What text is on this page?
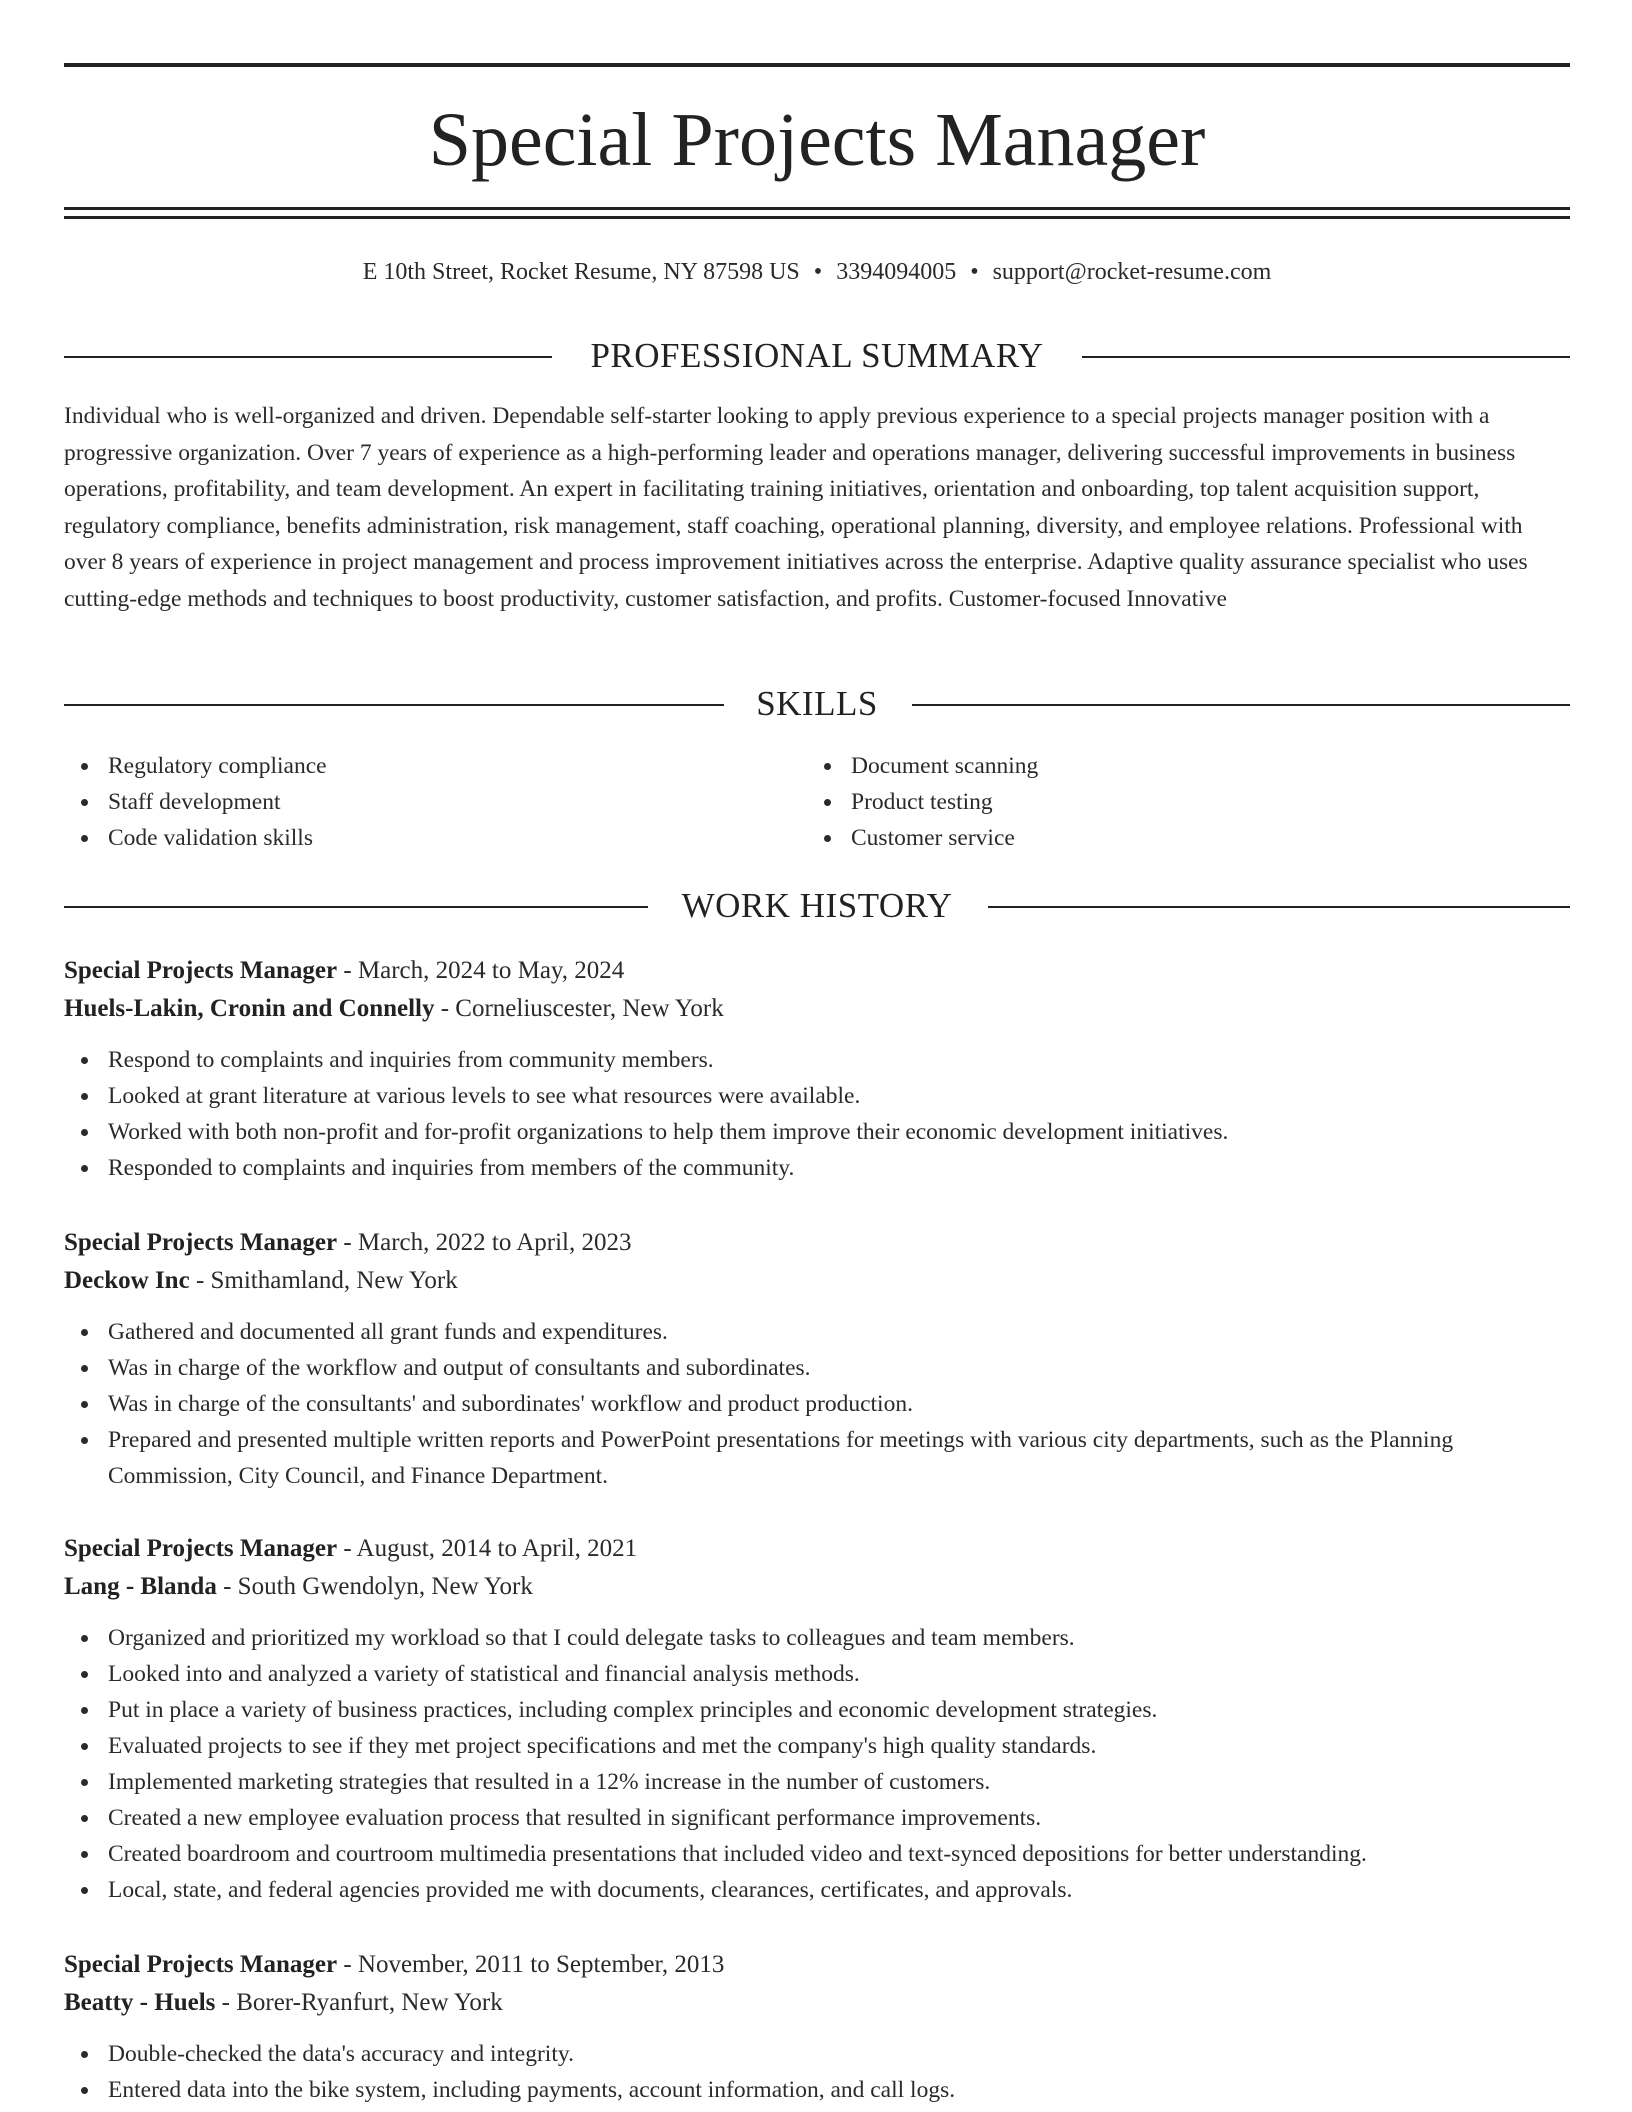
Special Projects Manager
E 10th Street, Rocket Resume, NY 87598 US • 3394094005 • support@rocket-resume.com
PROFESSIONAL SUMMARY

Individual who is well-organized and driven. Dependable self-starter looking to apply previous experience to a special projects manager position with a progressive organization. Over 7 years of experience as a high-performing leader and operations manager, delivering successful improvements in business operations, profitability, and team development. An expert in facilitating training initiatives, orientation and onboarding, top talent acquisition support, regulatory compliance, benefits administration, risk management, staff coaching, operational planning, diversity, and employee relations. Professional with over 8 years of experience in project management and process improvement initiatives across the enterprise. Adaptive quality assurance specialist who uses cutting-edge methods and techniques to boost productivity, customer satisfaction, and profits. Customer-focused Innovative

SKILLS
Regulatory compliance
Staff development
Code validation skills
Document scanning
Product testing
Customer service
WORK HISTORY
Special Projects Manager - March, 2024 to May, 2024
Huels-Lakin, Cronin and Connelly - Corneliuscester, New York
Respond to complaints and inquiries from community members.
Looked at grant literature at various levels to see what resources were available.
Worked with both non-profit and for-profit organizations to help them improve their economic development initiatives.
Responded to complaints and inquiries from members of the community.
Special Projects Manager - March, 2022 to April, 2023
Deckow Inc - Smithamland, New York
Gathered and documented all grant funds and expenditures.
Was in charge of the workflow and output of consultants and subordinates.
Was in charge of the consultants' and subordinates' workflow and product production.
Prepared and presented multiple written reports and PowerPoint presentations for meetings with various city departments, such as the Planning Commission, City Council, and Finance Department.
Special Projects Manager - August, 2014 to April, 2021
Lang - Blanda - South Gwendolyn, New York
Organized and prioritized my workload so that I could delegate tasks to colleagues and team members.
Looked into and analyzed a variety of statistical and financial analysis methods.
Put in place a variety of business practices, including complex principles and economic development strategies.
Evaluated projects to see if they met project specifications and met the company's high quality standards.
Implemented marketing strategies that resulted in a 12% increase in the number of customers.
Created a new employee evaluation process that resulted in significant performance improvements.
Created boardroom and courtroom multimedia presentations that included video and text-synced depositions for better understanding.
Local, state, and federal agencies provided me with documents, clearances, certificates, and approvals.
Special Projects Manager - November, 2011 to September, 2013
Beatty - Huels - Borer-Ryanfurt, New York
Double-checked the data's accuracy and integrity.
Entered data into the bike system, including payments, account information, and call logs.
